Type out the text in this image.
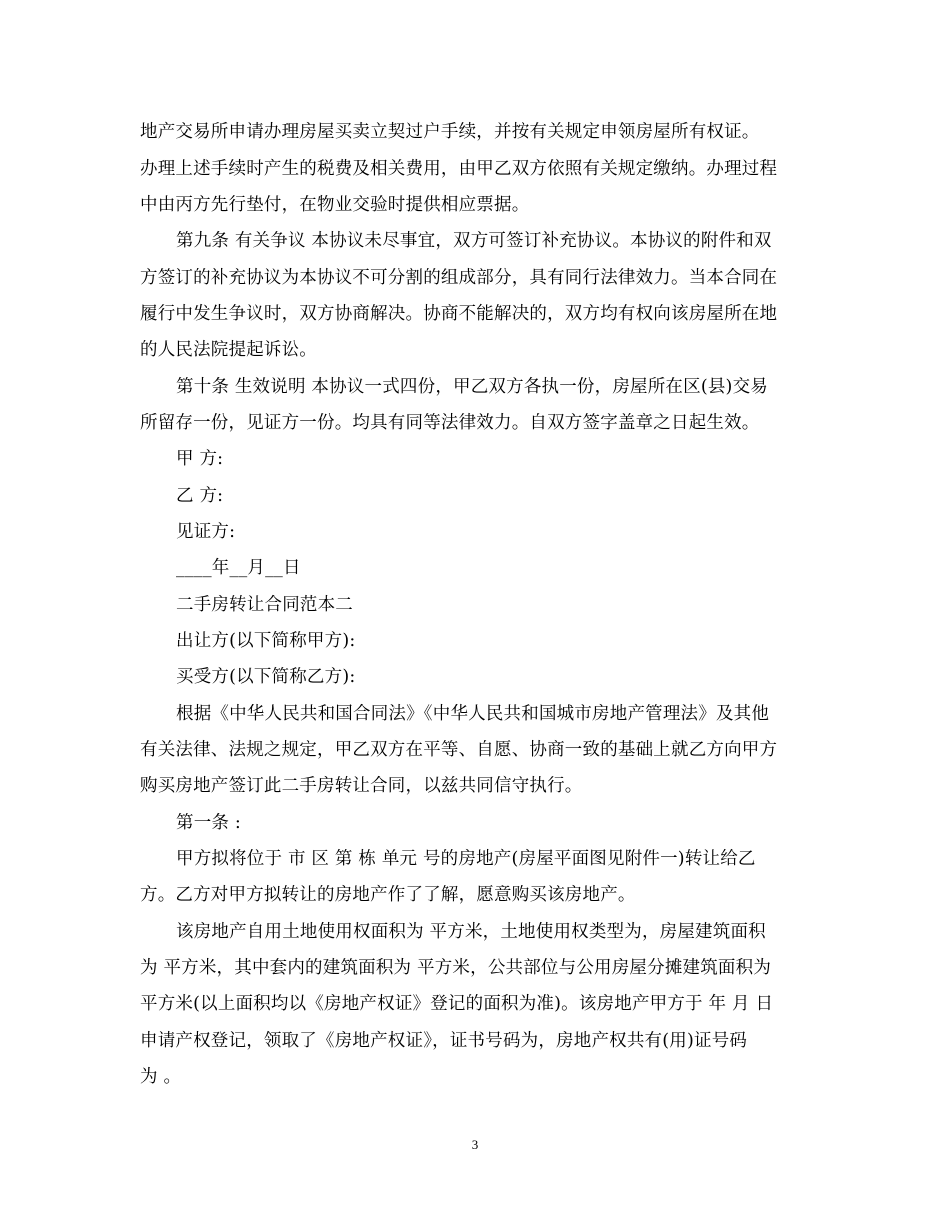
地产交易所申请办理房屋买卖立契过户手续，并按有关规定申领房屋所有权证。
办理上述手续时产生的税费及相关费用，由甲乙双方依照有关规定缴纳。办理过程
中由丙方先行垫付，在物业交验时提供相应票据。
第九条 有关争议 本协议未尽事宜，双方可签订补充协议。本协议的附件和双
方签订的补充协议为本协议不可分割的组成部分，具有同行法律效力。当本合同在
履行中发生争议时，双方协商解决。协商不能解决的，双方均有权向该房屋所在地
的人民法院提起诉讼。
第十条 生效说明 本协议一式四份，甲乙双方各执一份，房屋所在区(县)交易
所留存一份，见证方一份。均具有同等法律效力。自双方签字盖章之日起生效。
甲 方:
乙 方:
见证方:
____年__月__日
二手房转让合同范本二
出让方(以下简称甲方):
买受方(以下简称乙方):
根据《中华人民共和国合同法》《中华人民共和国城市房地产管理法》及其他
有关法律、法规之规定，甲乙双方在平等、自愿、协商一致的基础上就乙方向甲方
购买房地产签订此二手房转让合同，以兹共同信守执行。
第一条 :
甲方拟将位于 市 区 第 栋 单元 号的房地产(房屋平面图见附件一)转让给乙
方。乙方对甲方拟转让的房地产作了了解，愿意购买该房地产。
该房地产自用土地使用权面积为 平方米，土地使用权类型为，房屋建筑面积
为 平方米，其中套内的建筑面积为 平方米，公共部位与公用房屋分摊建筑面积为
平方米(以上面积均以《房地产权证》登记的面积为准)。该房地产甲方于 年 月 日
申请产权登记，领取了《房地产权证》，证书号码为，房地产权共有(用)证号码
为 。
3
